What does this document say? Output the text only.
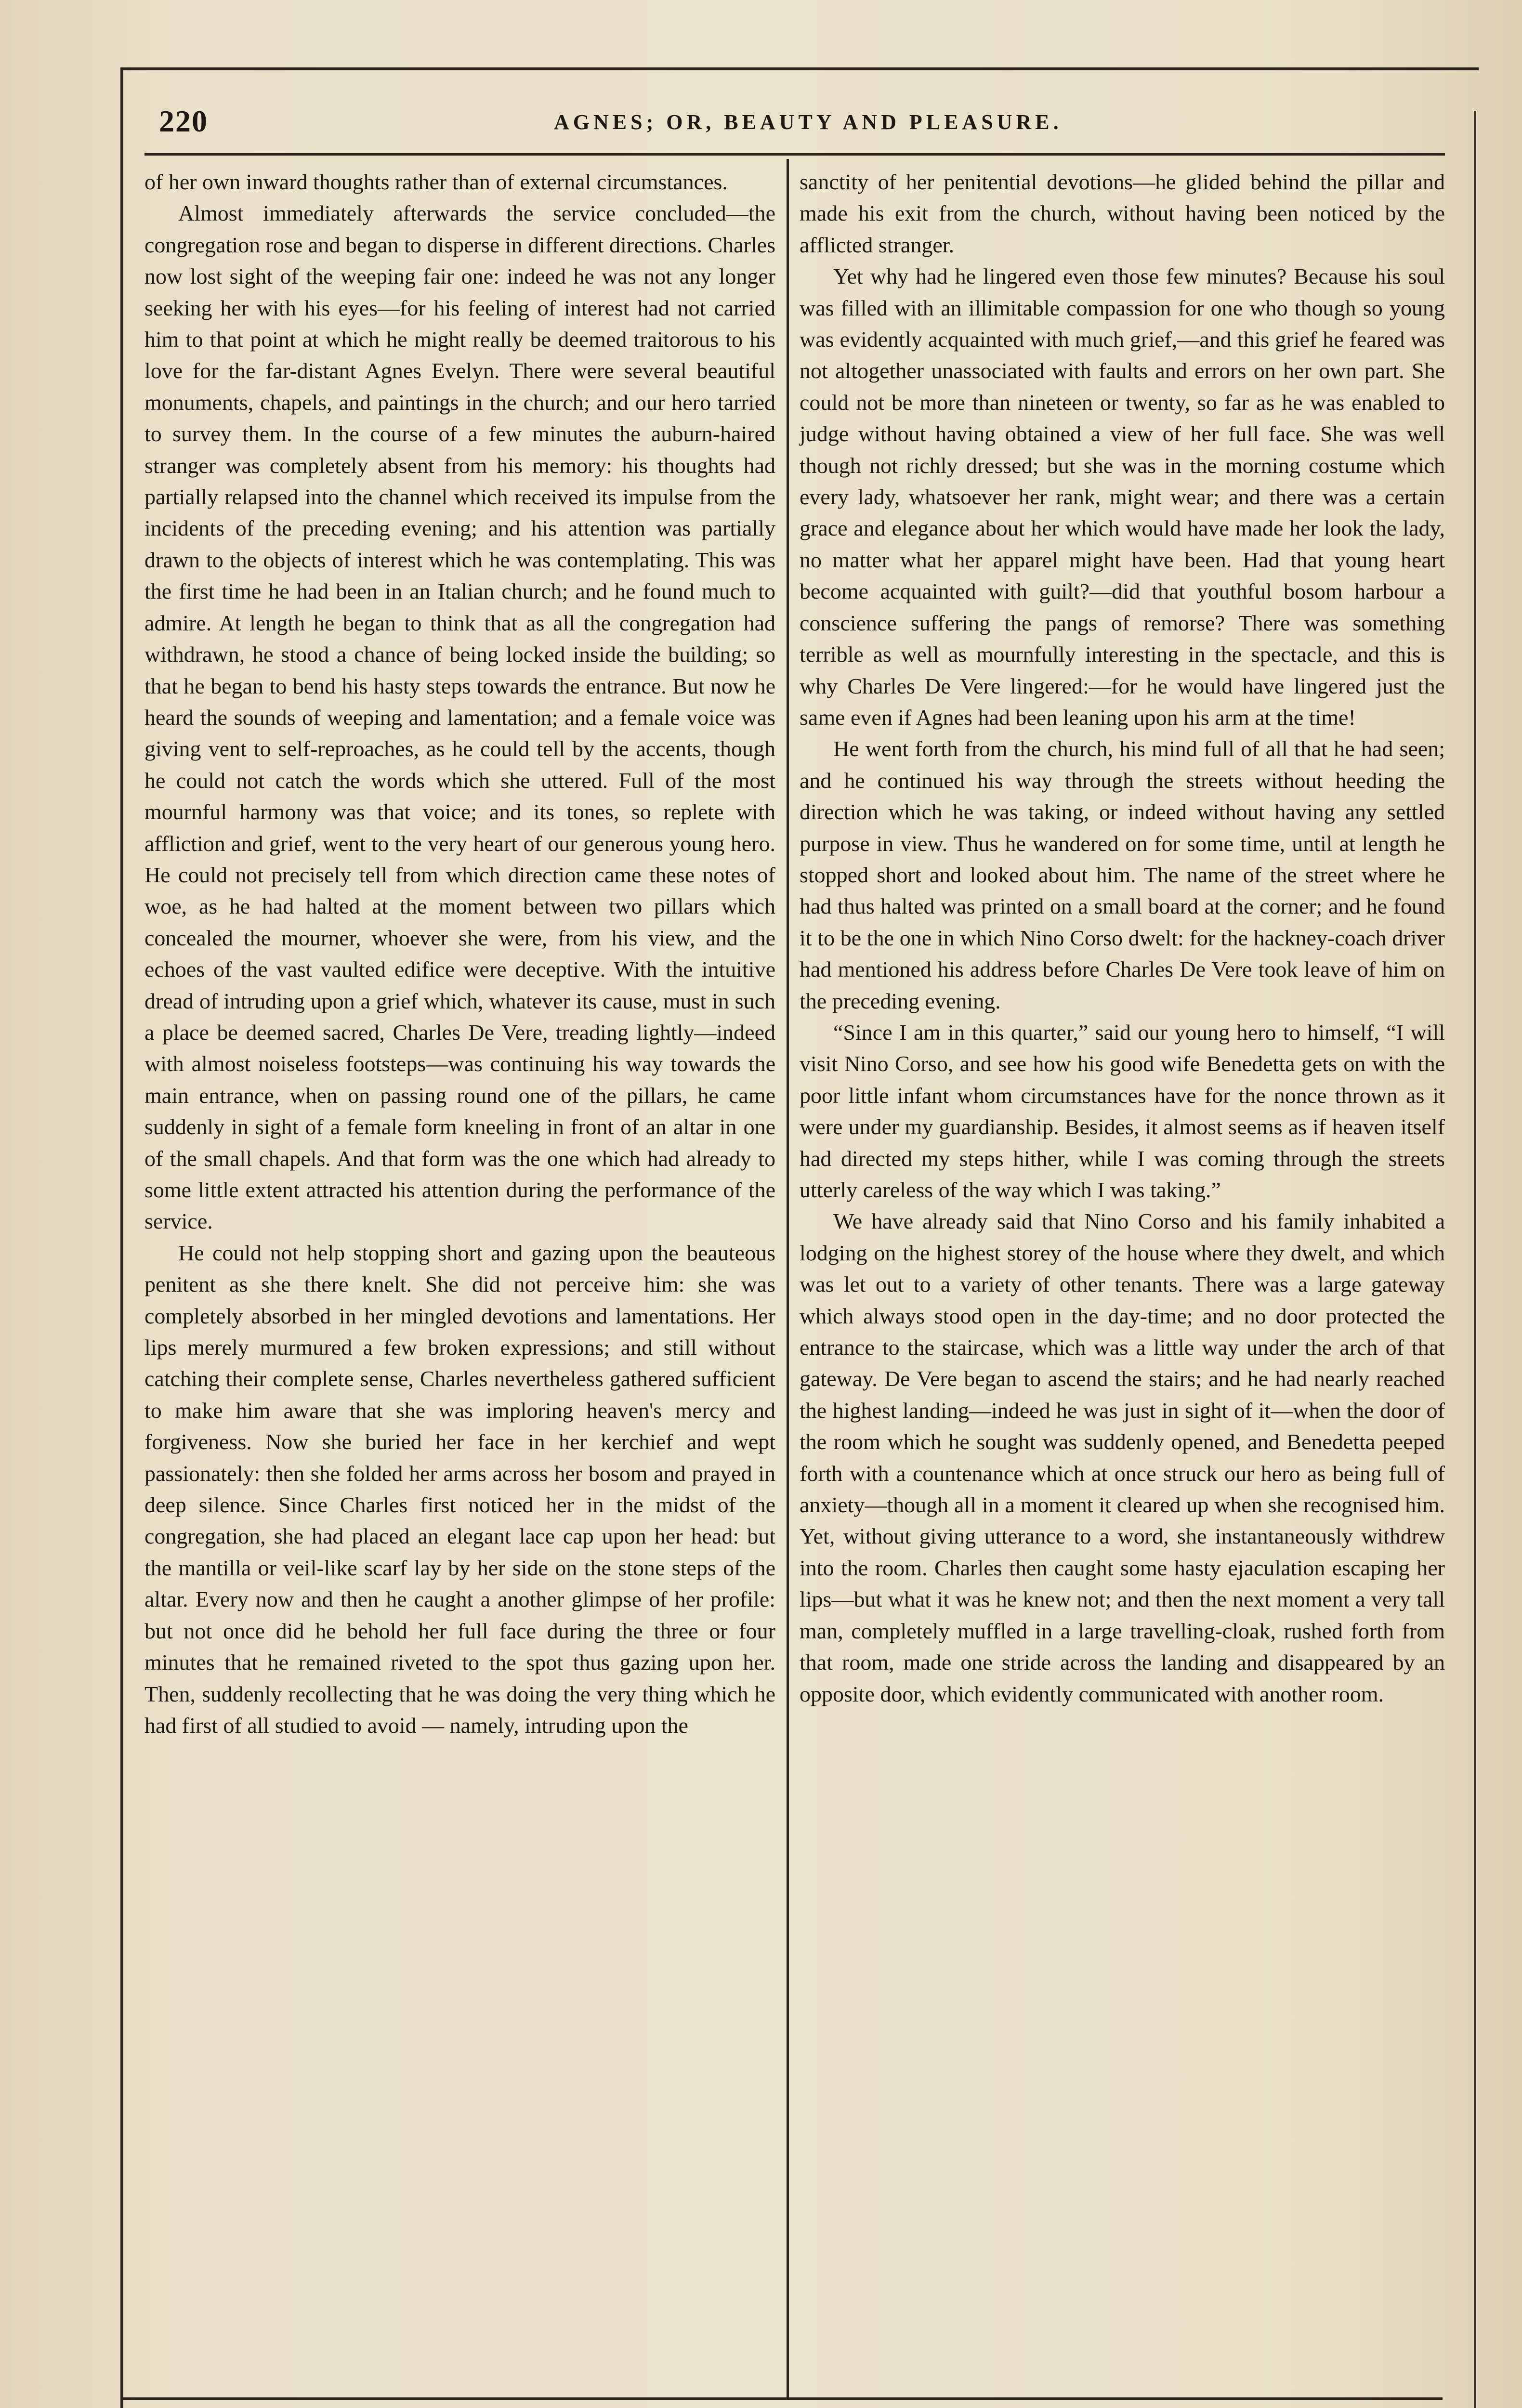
220	AGNES; OR, BEAUTY AND PLEASURE.

of her own inward thoughts rather than of external circumstances.

Almost immediately afterwards the service concluded—the congregation rose and began to disperse in different directions. Charles now lost sight of the weeping fair one: indeed he was not any longer seeking her with his eyes—for his feeling of interest had not carried him to that point at which he might really be deemed traitorous to his love for the far-distant Agnes Evelyn. There were several beautiful monuments, chapels, and paintings in the church; and our hero tarried to survey them. In the course of a few minutes the auburn-haired stranger was completely absent from his memory: his thoughts had partially relapsed into the channel which received its impulse from the incidents of the preceding evening; and his attention was partially drawn to the objects of interest which he was contemplating. This was the first time he had been in an Italian church; and he found much to admire. At length he began to think that as all the congregation had withdrawn, he stood a chance of being locked inside the building; so that he began to bend his hasty steps towards the entrance. But now he heard the sounds of weeping and lamentation; and a female voice was giving vent to self-reproaches, as he could tell by the accents, though he could not catch the words which she uttered. Full of the most mournful harmony was that voice; and its tones, so replete with affliction and grief, went to the very heart of our generous young hero. He could not precisely tell from which direction came these notes of woe, as he had halted at the moment between two pillars which concealed the mourner, whoever she were, from his view, and the echoes of the vast vaulted edifice were deceptive. With the intuitive dread of intruding upon a grief which, whatever its cause, must in such a place be deemed sacred, Charles De Vere, treading lightly—indeed with almost noiseless footsteps—was continuing his way towards the main entrance, when on passing round one of the pillars, he came suddenly in sight of a female form kneeling in front of an altar in one of the small chapels. And that form was the one which had already to some little extent attracted his attention during the performance of the service.

He could not help stopping short and gazing upon the beauteous penitent as she there knelt. She did not perceive him: she was completely absorbed in her mingled devotions and lamentations. Her lips merely murmured a few broken expressions; and still without catching their complete sense, Charles nevertheless gathered sufficient to make him aware that she was imploring heaven's mercy and forgiveness. Now she buried her face in her kerchief and wept passionately: then she folded her arms across her bosom and prayed in deep silence. Since Charles first noticed her in the midst of the congregation, she had placed an elegant lace cap upon her head: but the mantilla or veil-like scarf lay by her side on the stone steps of the altar. Every now and then he caught a another glimpse of her profile: but not once did he behold her full face during the three or four minutes that he remained riveted to the spot thus gazing upon her. Then, suddenly recollecting that he was doing the very thing which he had first of all studied to avoid — namely, intruding upon the

sanctity of her penitential devotions—he glided behind the pillar and made his exit from the church, without having been noticed by the afflicted stranger.

Yet why had he lingered even those few minutes? Because his soul was filled with an illimitable compassion for one who though so young was evidently acquainted with much grief,—and this grief he feared was not altogether unassociated with faults and errors on her own part. She could not be more than nineteen or twenty, so far as he was enabled to judge without having obtained a view of her full face. She was well though not richly dressed; but she was in the morning costume which every lady, whatsoever her rank, might wear; and there was a certain grace and elegance about her which would have made her look the lady, no matter what her apparel might have been. Had that young heart become acquainted with guilt?—did that youthful bosom harbour a conscience suffering the pangs of remorse? There was something terrible as well as mournfully interesting in the spectacle, and this is why Charles De Vere lingered:—for he would have lingered just the same even if Agnes had been leaning upon his arm at the time!

He went forth from the church, his mind full of all that he had seen; and he continued his way through the streets without heeding the direction which he was taking, or indeed without having any settled purpose in view. Thus he wandered on for some time, until at length he stopped short and looked about him. The name of the street where he had thus halted was printed on a small board at the corner; and he found it to be the one in which Nino Corso dwelt: for the hackney-coach driver had mentioned his address before Charles De Vere took leave of him on the preceding evening.

“Since I am in this quarter,” said our young hero to himself, “I will visit Nino Corso, and see how his good wife Benedetta gets on with the poor little infant whom circumstances have for the nonce thrown as it were under my guardianship. Besides, it almost seems as if heaven itself had directed my steps hither, while I was coming through the streets utterly careless of the way which I was taking.”

We have already said that Nino Corso and his family inhabited a lodging on the highest storey of the house where they dwelt, and which was let out to a variety of other tenants. There was a large gateway which always stood open in the day-time; and no door protected the entrance to the staircase, which was a little way under the arch of that gateway. De Vere began to ascend the stairs; and he had nearly reached the highest landing—indeed he was just in sight of it—when the door of the room which he sought was suddenly opened, and Benedetta peeped forth with a countenance which at once struck our hero as being full of anxiety—though all in a moment it cleared up when she recognised him. Yet, without giving utterance to a word, she instantaneously withdrew into the room. Charles then caught some hasty ejaculation escaping her lips—but what it was he knew not; and then the next moment a very tall man, completely muffled in a large travelling-cloak, rushed forth from that room, made one stride across the landing and disappeared by an opposite door, which evidently communicated with another room.
